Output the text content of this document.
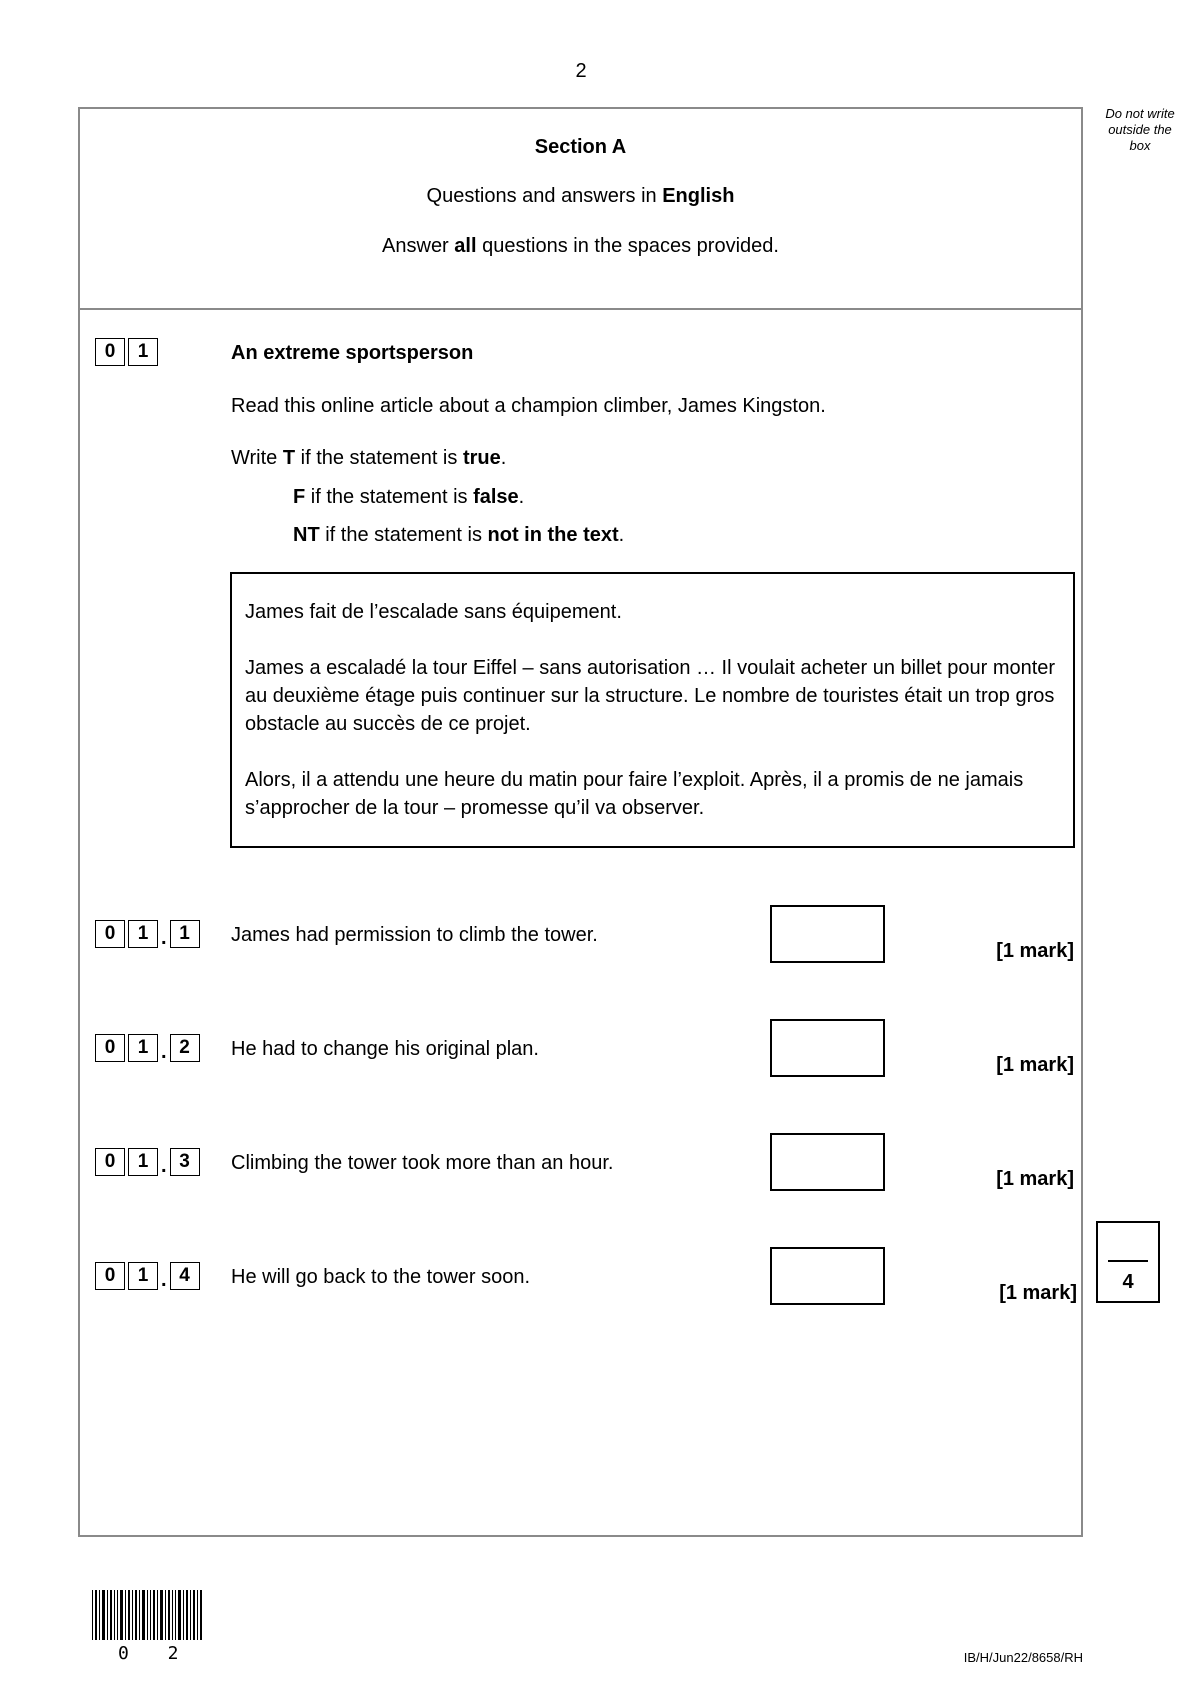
2
Do not write
outside the
box
Section A
Questions and answers in English
Answer all questions in the spaces provided.
0	1	An extreme sportsperson
Read this online article about a champion climber, James Kingston.
Write T if the statement is true.
F if the statement is false.
NT if the statement is not in the text.

James fait de l’escalade sans équipement.

James a escaladé la tour Eiffel – sans autorisation … Il voulait acheter un billet pour monter au deuxième étage puis continuer sur la structure. Le nombre de touristes était un trop gros obstacle au succès de ce projet.

Alors, il a attendu une heure du matin pour faire l’exploit. Après, il a promis de ne jamais s’approcher de la tour – promesse qu’il va observer.

0	1 . 1	James had permission to climb the tower.
[1 mark]
0	1 . 2	He had to change his original plan.
[1 mark]
0	1 . 3	Climbing the tower took more than an hour.
[1 mark]
0	1 . 4	He will go back to the tower soon.
[1 mark]	4
0 2	IB/H/Jun22/8658/RH
